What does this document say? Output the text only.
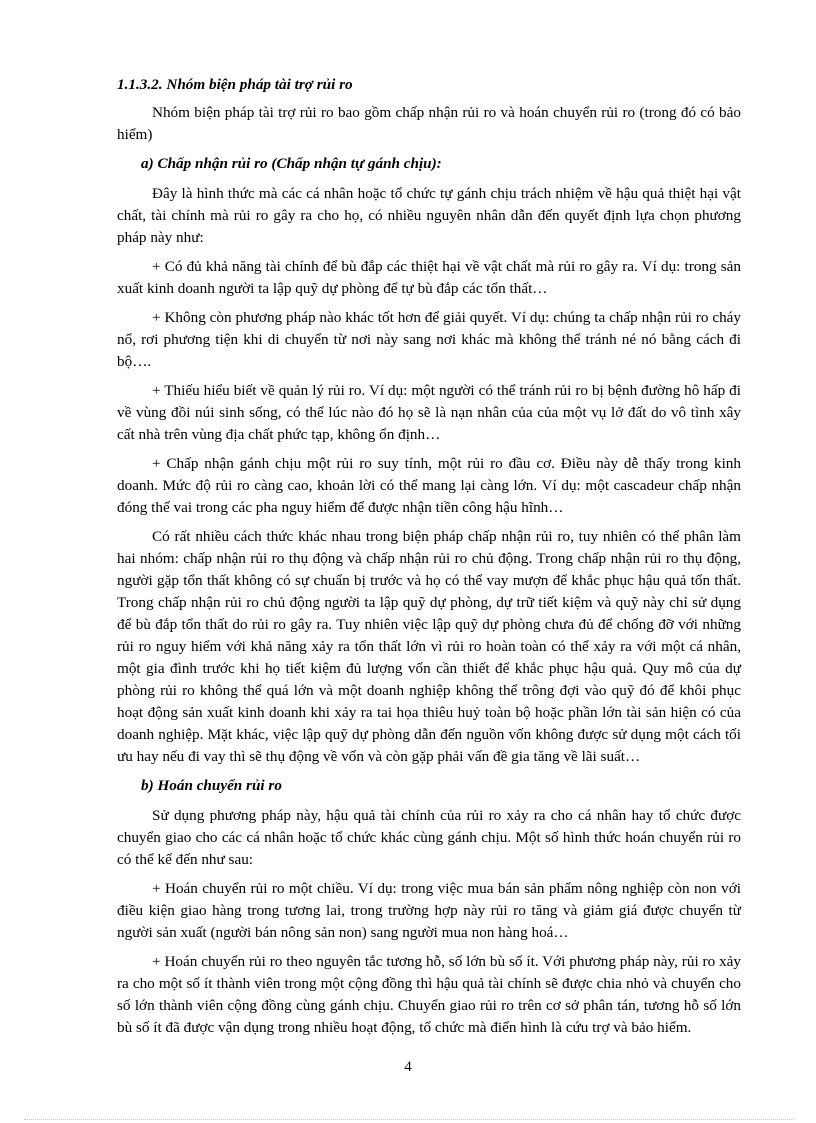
1.1.3.2. Nhóm biện pháp tài trợ rủi ro

Nhóm biện pháp tài trợ rủi ro bao gồm chấp nhận rủi ro và hoán chuyển rủi ro (trong đó có bảo hiểm)

a) Chấp nhận rủi ro (Chấp nhận tự gánh chịu):

Đây là hình thức mà các cá nhân hoặc tổ chức tự gánh chịu trách nhiệm về hậu quả thiệt hại vật chất, tài chính mà rủi ro gây ra cho họ, có nhiều nguyên nhân dẫn đến quyết định lựa chọn phương pháp này như:

+ Có đủ khả năng tài chính để bù đắp các thiệt hại về vật chất mà rủi ro gây ra. Ví dụ: trong sản xuất kinh doanh người ta lập quỹ dự phòng để tự bù đắp các tổn thất…

+ Không còn phương pháp nào khác tốt hơn để giải quyết. Ví dụ: chúng ta chấp nhận rủi ro cháy nổ, rơi phương tiện khi di chuyển từ nơi này sang nơi khác mà không thể tránh né nó bằng cách đi bộ….

+ Thiếu hiểu biết về quản lý rủi ro. Ví dụ: một người có thể tránh rủi ro bị bệnh đường hô hấp đi về vùng đồi núi sinh sống, có thể lúc nào đó họ sẽ là nạn nhân của của một vụ lở đất do vô tình xây cất nhà trên vùng địa chất phức tạp, không ổn định…

+ Chấp nhận gánh chịu một rủi ro suy tính, một rủi ro đầu cơ. Điều này dễ thấy trong kinh doanh. Mức độ rủi ro càng cao, khoản lời có thể mang lại càng lớn. Ví dụ: một cascadeur chấp nhận đóng thế vai trong các pha nguy hiểm để được nhận tiền công hậu hĩnh…

Có rất nhiều cách thức khác nhau trong biện pháp chấp nhận rủi ro, tuy nhiên có thể phân làm hai nhóm: chấp nhận rủi ro thụ động và chấp nhận rủi ro chủ động. Trong chấp nhận rủi ro thụ động, người gặp tổn thất không có sự chuẩn bị trước và họ có thể vay mượn để khắc phục hậu quả tổn thất. Trong chấp nhận rủi ro chủ động người ta lập quỹ dự phòng, dự trữ tiết kiệm và quỹ này chỉ sử dụng để bù đắp tổn thất do rủi ro gây ra. Tuy nhiên việc lập quỹ dự phòng chưa đủ để chống đỡ với những rủi ro nguy hiểm với khả năng xảy ra tổn thất lớn vì rủi ro hoàn toàn có thể xảy ra với một cá nhân, một gia đình trước khi họ tiết kiệm đủ lượng vốn cần thiết để khắc phục hậu quả. Quy mô của dự phòng rủi ro không thể quá lớn và một doanh nghiệp không thể trông đợi vào quỹ đó để khôi phục hoạt động sản xuất kinh doanh khi xảy ra tai họa thiêu huỷ toàn bộ hoặc phần lớn tài sản hiện có của doanh nghiệp. Mặt khác, việc lập quỹ dự phòng dẫn đến nguồn vốn không được sử dụng một cách tối ưu hay nếu đi vay thì sẽ thụ động về vốn và còn gặp phải vấn đề gia tăng về lãi suất…

b) Hoán chuyển rủi ro

Sử dụng phương pháp này, hậu quả tài chính của rủi ro xảy ra cho cá nhân hay tổ chức được chuyển giao cho các cá nhân hoặc tổ chức khác cùng gánh chịu. Một số hình thức hoán chuyển rủi ro có thể kể đến như sau:

+ Hoán chuyển rủi ro một chiều. Ví dụ: trong việc mua bán sản phẩm nông nghiệp còn non với điều kiện giao hàng trong tương lai, trong trường hợp này rủi ro tăng và giảm giá được chuyển từ người sản xuất (người bán nông sản non) sang người mua non hàng hoá…

+ Hoán chuyển rủi ro theo nguyên tắc tương hỗ, số lớn bù số ít. Với phương pháp này, rủi ro xảy ra cho một số ít thành viên trong một cộng đồng thì hậu quả tài chính sẽ được chia nhỏ và chuyển cho số lớn thành viên cộng đồng cùng gánh chịu. Chuyển giao rủi ro trên cơ sở phân tán, tương hỗ số lớn bù số ít đã được vận dụng trong nhiều hoạt động, tổ chức mà điển hình là cứu trợ và bảo hiểm.

4
